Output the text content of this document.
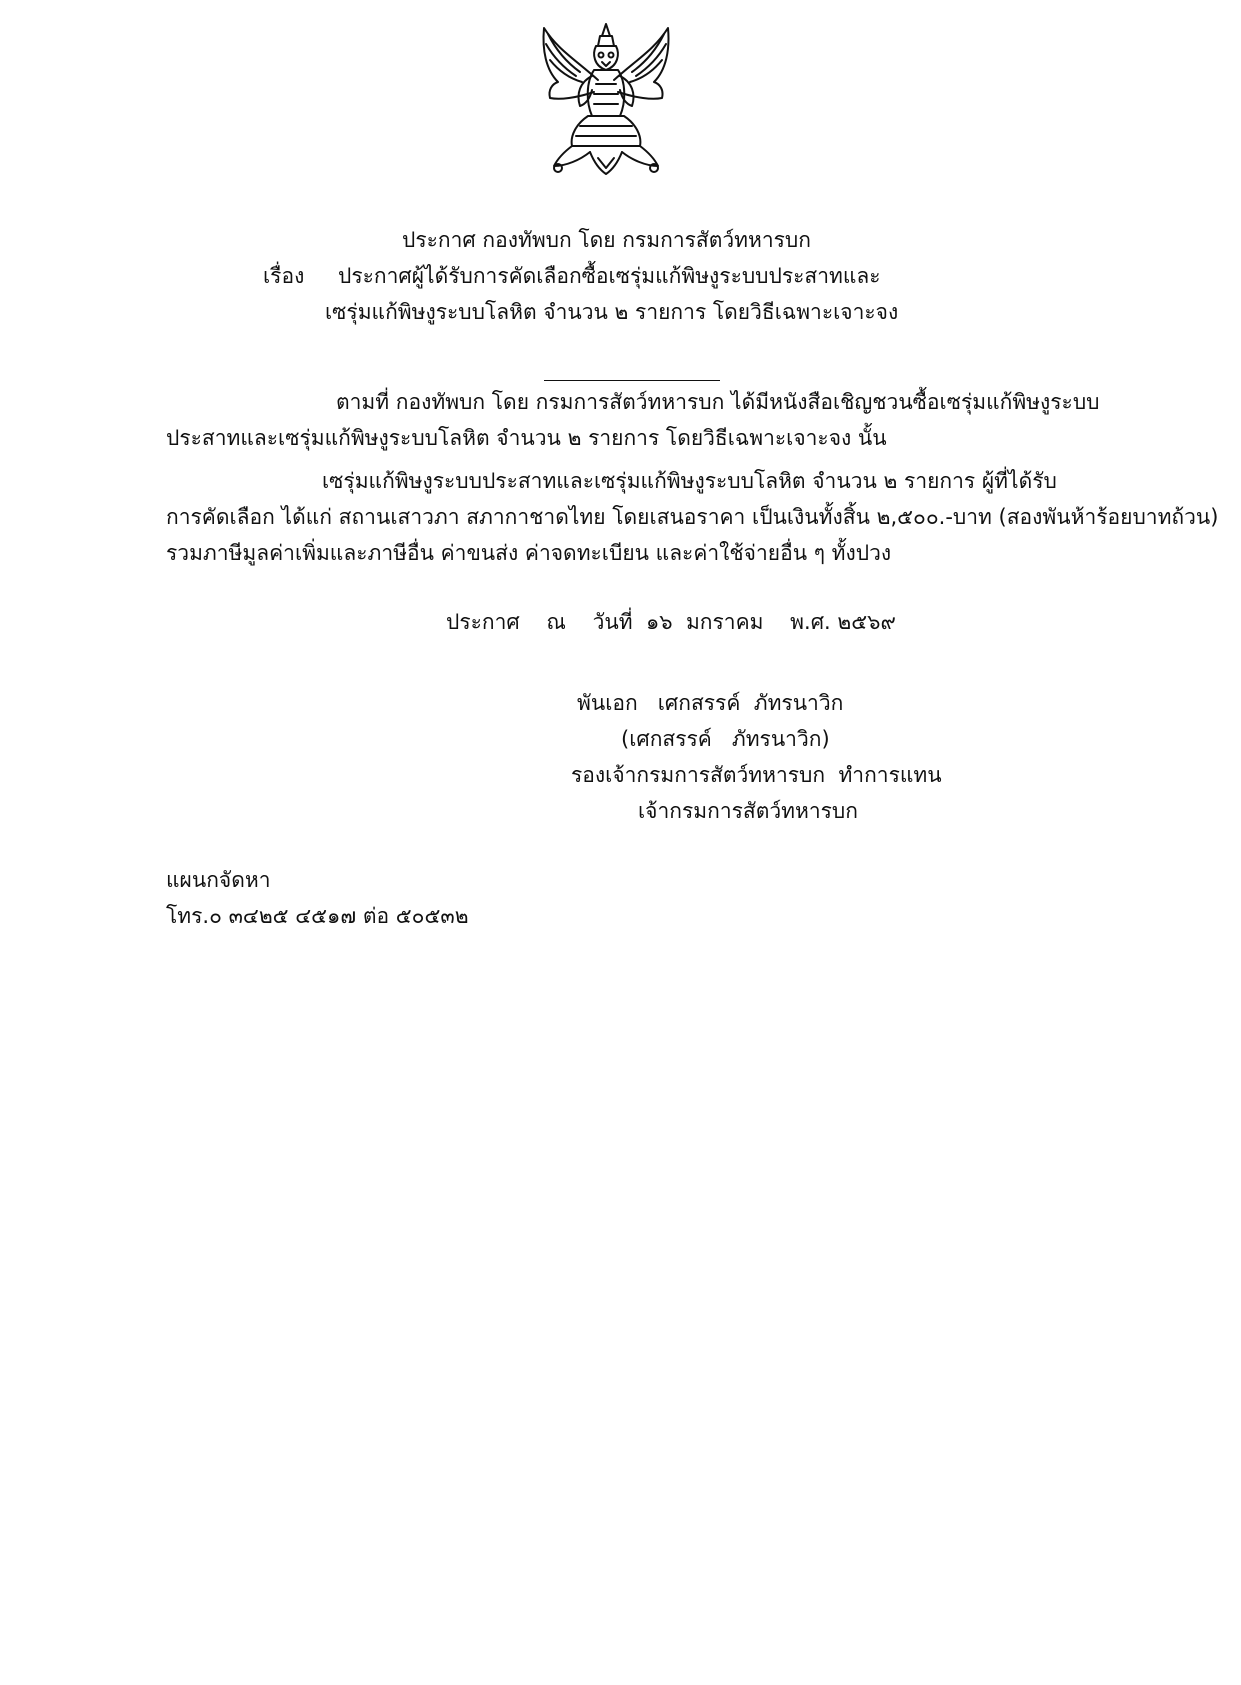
ประกาศ กองทัพบก โดย กรมการสัตว์ทหารบก
เรื่อง ประกาศผู้ได้รับการคัดเลือกซื้อเซรุ่มแก้พิษงูระบบประสาทและ
เซรุ่มแก้พิษงูระบบโลหิต จำนวน ๒ รายการ โดยวิธีเฉพาะเจาะจง
ตามที่ กองทัพบก โดย กรมการสัตว์ทหารบก ได้มีหนังสือเชิญชวนซื้อเซรุ่มแก้พิษงูระบบ
ประสาทและเซรุ่มแก้พิษงูระบบโลหิต จำนวน ๒ รายการ โดยวิธีเฉพาะเจาะจง นั้น
เซรุ่มแก้พิษงูระบบประสาทและเซรุ่มแก้พิษงูระบบโลหิต จำนวน ๒ รายการ ผู้ที่ได้รับ
การคัดเลือก ได้แก่ สถานเสาวภา สภากาชาดไทย โดยเสนอราคา เป็นเงินทั้งสิ้น ๒,๕๐๐.-บาท (สองพันห้าร้อยบาทถ้วน)
รวมภาษีมูลค่าเพิ่มและภาษีอื่น ค่าขนส่ง ค่าจดทะเบียน และค่าใช้จ่ายอื่น ๆ ทั้งปวง
ประกาศ    ณ    วันที่  ๑๖  มกราคม    พ.ศ. ๒๕๖๙
พันเอก   เศกสรรค์  ภัทรนาวิก
(เศกสรรค์   ภัทรนาวิก)
รองเจ้ากรมการสัตว์ทหารบก  ทำการแทน
เจ้ากรมการสัตว์ทหารบก
แผนกจัดหา
โทร.๐ ๓๔๒๕ ๔๕๑๗ ต่อ ๕๐๕๓๒
